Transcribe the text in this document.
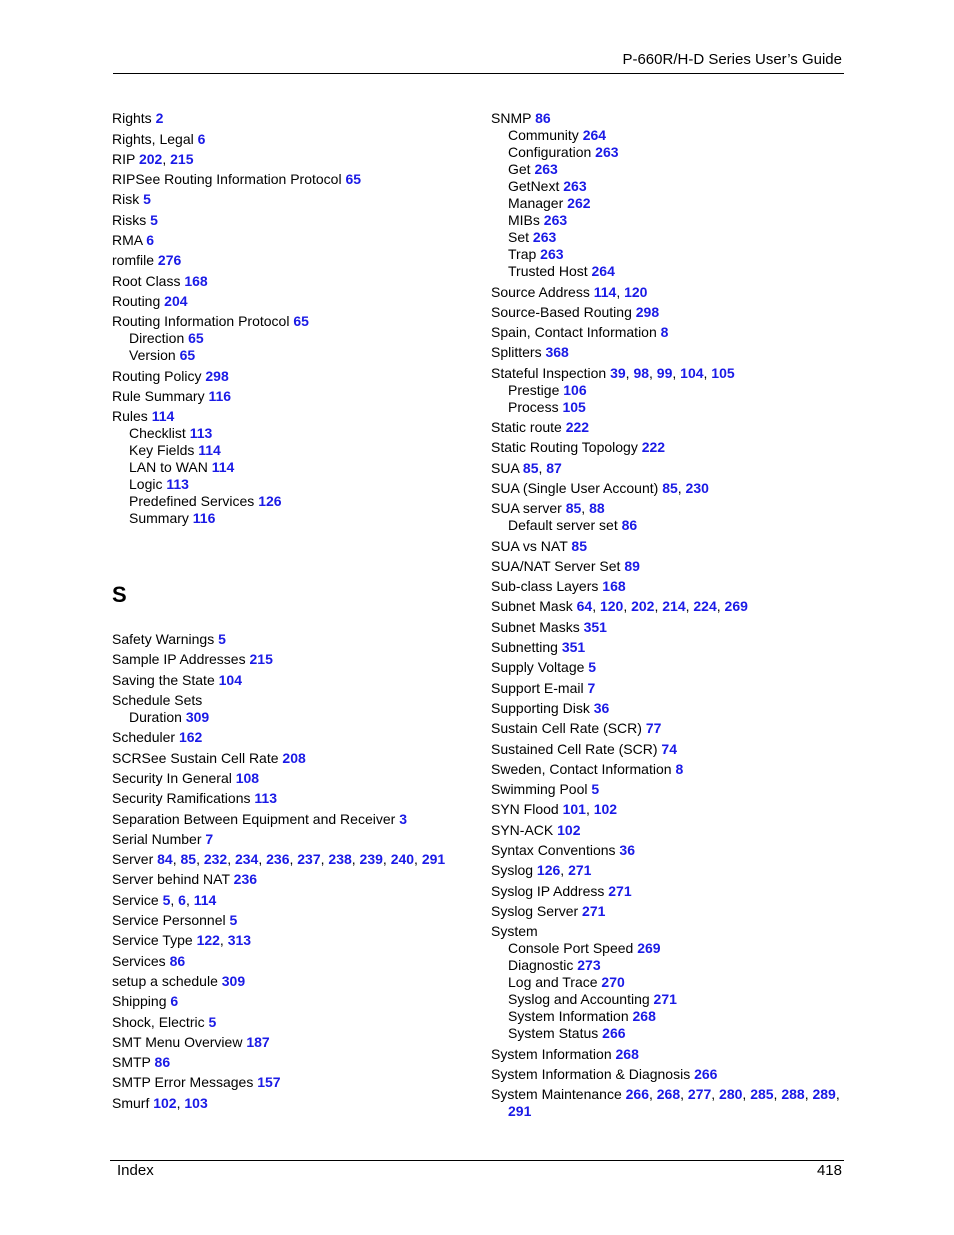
P-660R/H-D Series User’s Guide
Rights 2
Rights, Legal 6
RIP 202, 215
RIPSee Routing Information Protocol 65
Risk 5
Risks 5
RMA 6
romfile 276
Root Class 168
Routing 204
Routing Information Protocol 65
Direction 65
Version 65
Routing Policy 298
Rule Summary 116
Rules 114
Checklist 113
Key Fields 114
LAN to WAN 114
Logic 113
Predefined Services 126
Summary 116
S
Safety Warnings 5
Sample IP Addresses 215
Saving the State 104
Schedule Sets
Duration 309
Scheduler 162
SCRSee Sustain Cell Rate 208
Security In General 108
Security Ramifications 113
Separation Between Equipment and Receiver 3
Serial Number 7
Server 84, 85, 232, 234, 236, 237, 238, 239, 240, 291
Server behind NAT 236
Service 5, 6, 114
Service Personnel 5
Service Type 122, 313
Services 86
setup a schedule 309
Shipping 6
Shock, Electric 5
SMT Menu Overview 187
SMTP 86
SMTP Error Messages 157
Smurf 102, 103
SNMP 86
Community 264
Configuration 263
Get 263
GetNext 263
Manager 262
MIBs 263
Set 263
Trap 263
Trusted Host 264
Source Address 114, 120
Source-Based Routing 298
Spain, Contact Information 8
Splitters 368
Stateful Inspection 39, 98, 99, 104, 105
Prestige 106
Process 105
Static route 222
Static Routing Topology 222
SUA 85, 87
SUA (Single User Account) 85, 230
SUA server 85, 88
Default server set 86
SUA vs NAT 85
SUA/NAT Server Set 89
Sub-class Layers 168
Subnet Mask 64, 120, 202, 214, 224, 269
Subnet Masks 351
Subnetting 351
Supply Voltage 5
Support E-mail 7
Supporting Disk 36
Sustain Cell Rate (SCR) 77
Sustained Cell Rate (SCR) 74
Sweden, Contact Information 8
Swimming Pool 5
SYN Flood 101, 102
SYN-ACK 102
Syntax Conventions 36
Syslog 126, 271
Syslog IP Address 271
Syslog Server 271
System
Console Port Speed 269
Diagnostic 273
Log and Trace 270
Syslog and Accounting 271
System Information 268
System Status 266
System Information 268
System Information & Diagnosis 266
System Maintenance 266, 268, 277, 280, 285, 288, 289,
291
Index	418
